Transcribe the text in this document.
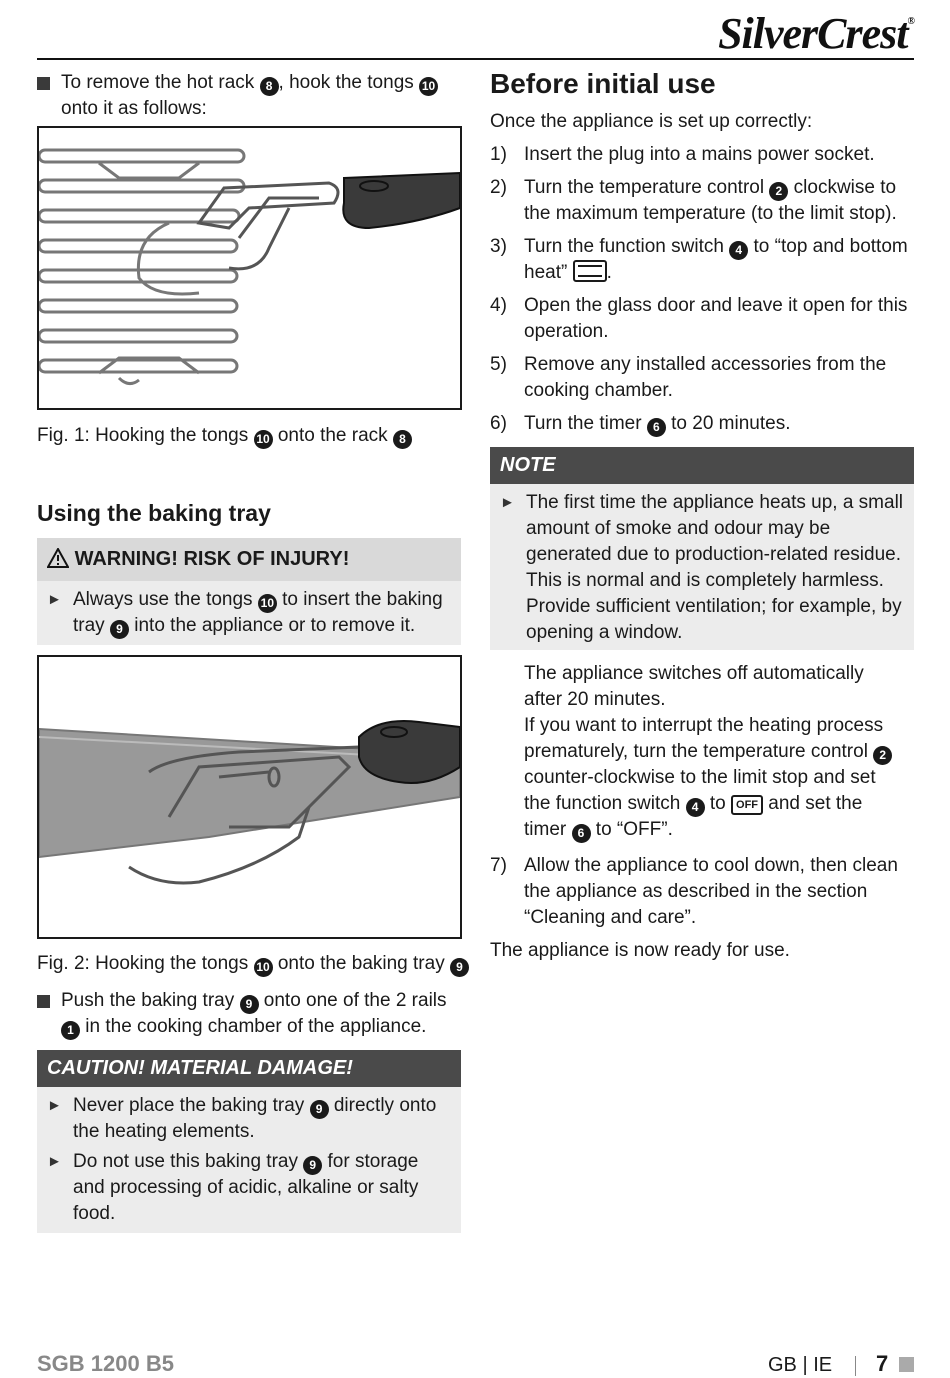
SilverCrest®
To remove the hot rack 8 , hook the tongs 10 onto it as follows:
Fig. 1: Hooking the tongs 10 onto the rack 8
Using the baking tray
WARNING! RISK OF INJURY!
► Always use the tongs 10 to insert the baking tray 9 into the appliance or to remove it.
Fig. 2: Hooking the tongs 10 onto the baking tray 9
Push the baking tray 9 onto one of the 2 rails 1 in the cooking chamber of the appliance.
CAUTION! MATERIAL DAMAGE!
► Never place the baking tray 9 directly onto the heating elements.
► Do not use this baking tray 9 for storage and processing of acidic, alkaline or salty food.
Before initial use
Once the appliance is set up correctly:
1) Insert the plug into a mains power socket.
2) Turn the temperature control 2 clockwise to the maximum temperature (to the limit stop).
3) Turn the function switch 4 to “top and bottom heat” .
4) Open the glass door and leave it open for this operation.
5) Remove any installed accessories from the cooking chamber.
6) Turn the timer 6 to 20 minutes.
NOTE
► The first time the appliance heats up, a small amount of smoke and odour may be generated due to production-related residue. This is normal and is completely harmless. Provide sufficient ventilation; for example, by opening a window.
The appliance switches off automatically after 20 minutes.
If you want to interrupt the heating process prematurely, turn the temperature control 2 counter-clockwise to the limit stop and set the function switch 4 to OFF and set the timer 6 to “OFF”.
7) Allow the appliance to cool down, then clean the appliance as described in the section “Cleaning and care”.
The appliance is now ready for use.
SGB 1200 B5	GB | IE 7
